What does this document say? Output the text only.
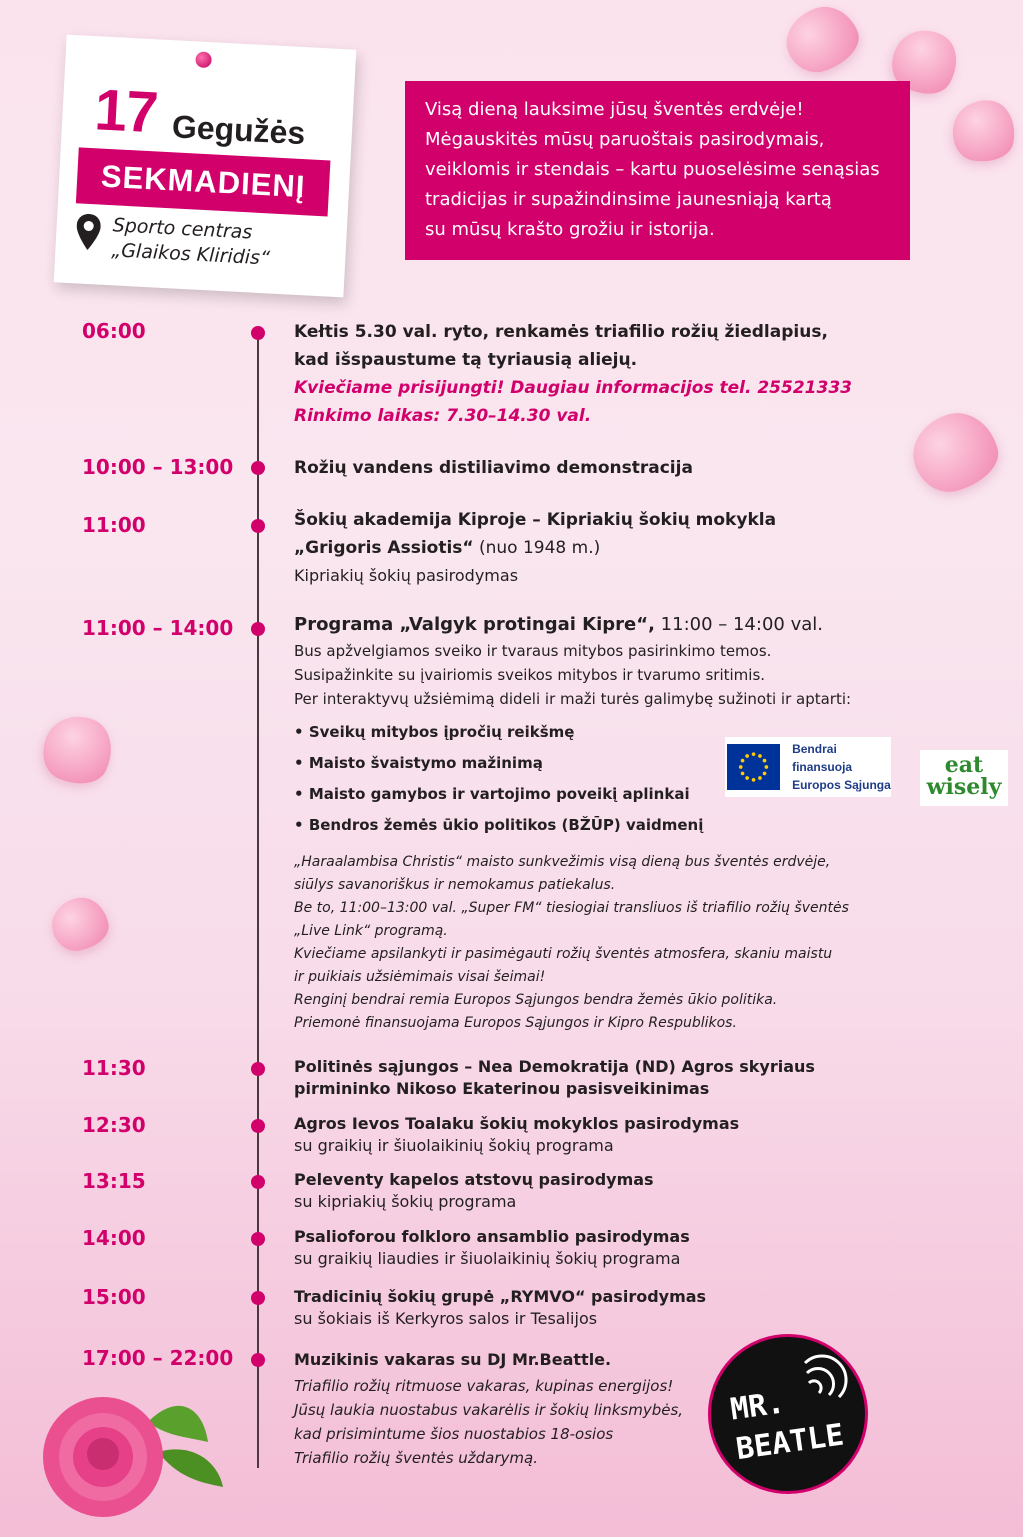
17 Gegužės
SEKMADIENĮ
Sporto centras
„Glaikos Kliridis“
Visą dieną lauksime jūsų šventės erdvėje!
Mėgauskitės mūsų paruoštais pasirodymais,
veiklomis ir stendais – kartu puoselėsime senąsias
tradicijas ir supažindinsime jaunesniąją kartą
su mūsų krašto grožiu ir istorija.
06:00	Kełtis 5.30 val. ryto, renkamės triafilio rožių žiedlapius,
kad išspaustume tą tyriausią aliejų.
Kviečiame prisijungti! Daugiau informacijos tel. 25521333
Rinkimo laikas: 7.30–14.30 val.
10:00 – 13:00	Rožių vandens distiliavimo demonstracija
11:00	Šokių akademija Kiproje – Kipriakių šokių mokykla
„Grigoris Assiotis“ (nuo 1948 m.)
Kipriakių šokių pasirodymas
11:00 – 14:00	Programa „Valgyk protingai Kipre“, 11:00 – 14:00 val.
Bus apžvelgiamos sveiko ir tvaraus mitybos pasirinkimo temos.
Susipažinkite su įvairiomis sveikos mitybos ir tvarumo sritimis.
Per interaktyvų užsiėmimą dideli ir maži turės galimybę sužinoti ir aptarti:
• Sveikų mitybos įpročių reikšmę
• Maisto švaistymo mažinimą
• Maisto gamybos ir vartojimo poveikį aplinkai
• Bendros žemės ūkio politikos (BŽŪP) vaidmenį
„Haraalambisa Christis“ maisto sunkvežimis visą dieną bus šventės erdvėje,
siūlys savanoriškus ir nemokamus patiekalus.
Be to, 11:00–13:00 val. „Super FM“ tiesiogiai transliuos iš triafilio rožių šventės
„Live Link“ programą.
Kviečiame apsilankyti ir pasimėgauti rožių šventės atmosfera, skaniu maistu
ir puikiais užsiėmimais visai šeimai!
Renginį bendrai remia Europos Sąjungos bendra žemės ūkio politika.
Priemonė finansuojama Europos Sąjungos ir Kipro Respublikos.
Bendrai finansuoja
Europos Sąjunga
eat
wisely
11:30	Politinės sąjungos – Nea Demokratija (ND) Agros skyriaus
pirmininko Nikoso Ekaterinou pasisveikinimas
12:30	Agros Ievos Toalaku šokių mokyklos pasirodymas
su graikių ir šiuolaikinių šokių programa
13:15	Peleventy kapelos atstovų pasirodymas
su kipriakių šokių programa
14:00	Psalioforou folkloro ansamblio pasirodymas
su graikių liaudies ir šiuolaikinių šokių programa
15:00	Tradicinių šokių grupė „RYMVO“ pasirodymas
su šokiais iš Kerkyros salos ir Tesalijos
17:00 – 22:00	Muzikinis vakaras su DJ Mr.Beattle.
Triafilio rožių ritmuose vakaras, kupinas energijos!
Jūsų laukia nuostabus vakarėlis ir šokių linksmybės,
kad prisimintume šios nuostabios 18-osios
Triafilio rožių šventės uždarymą.
MR.
BEATLE
